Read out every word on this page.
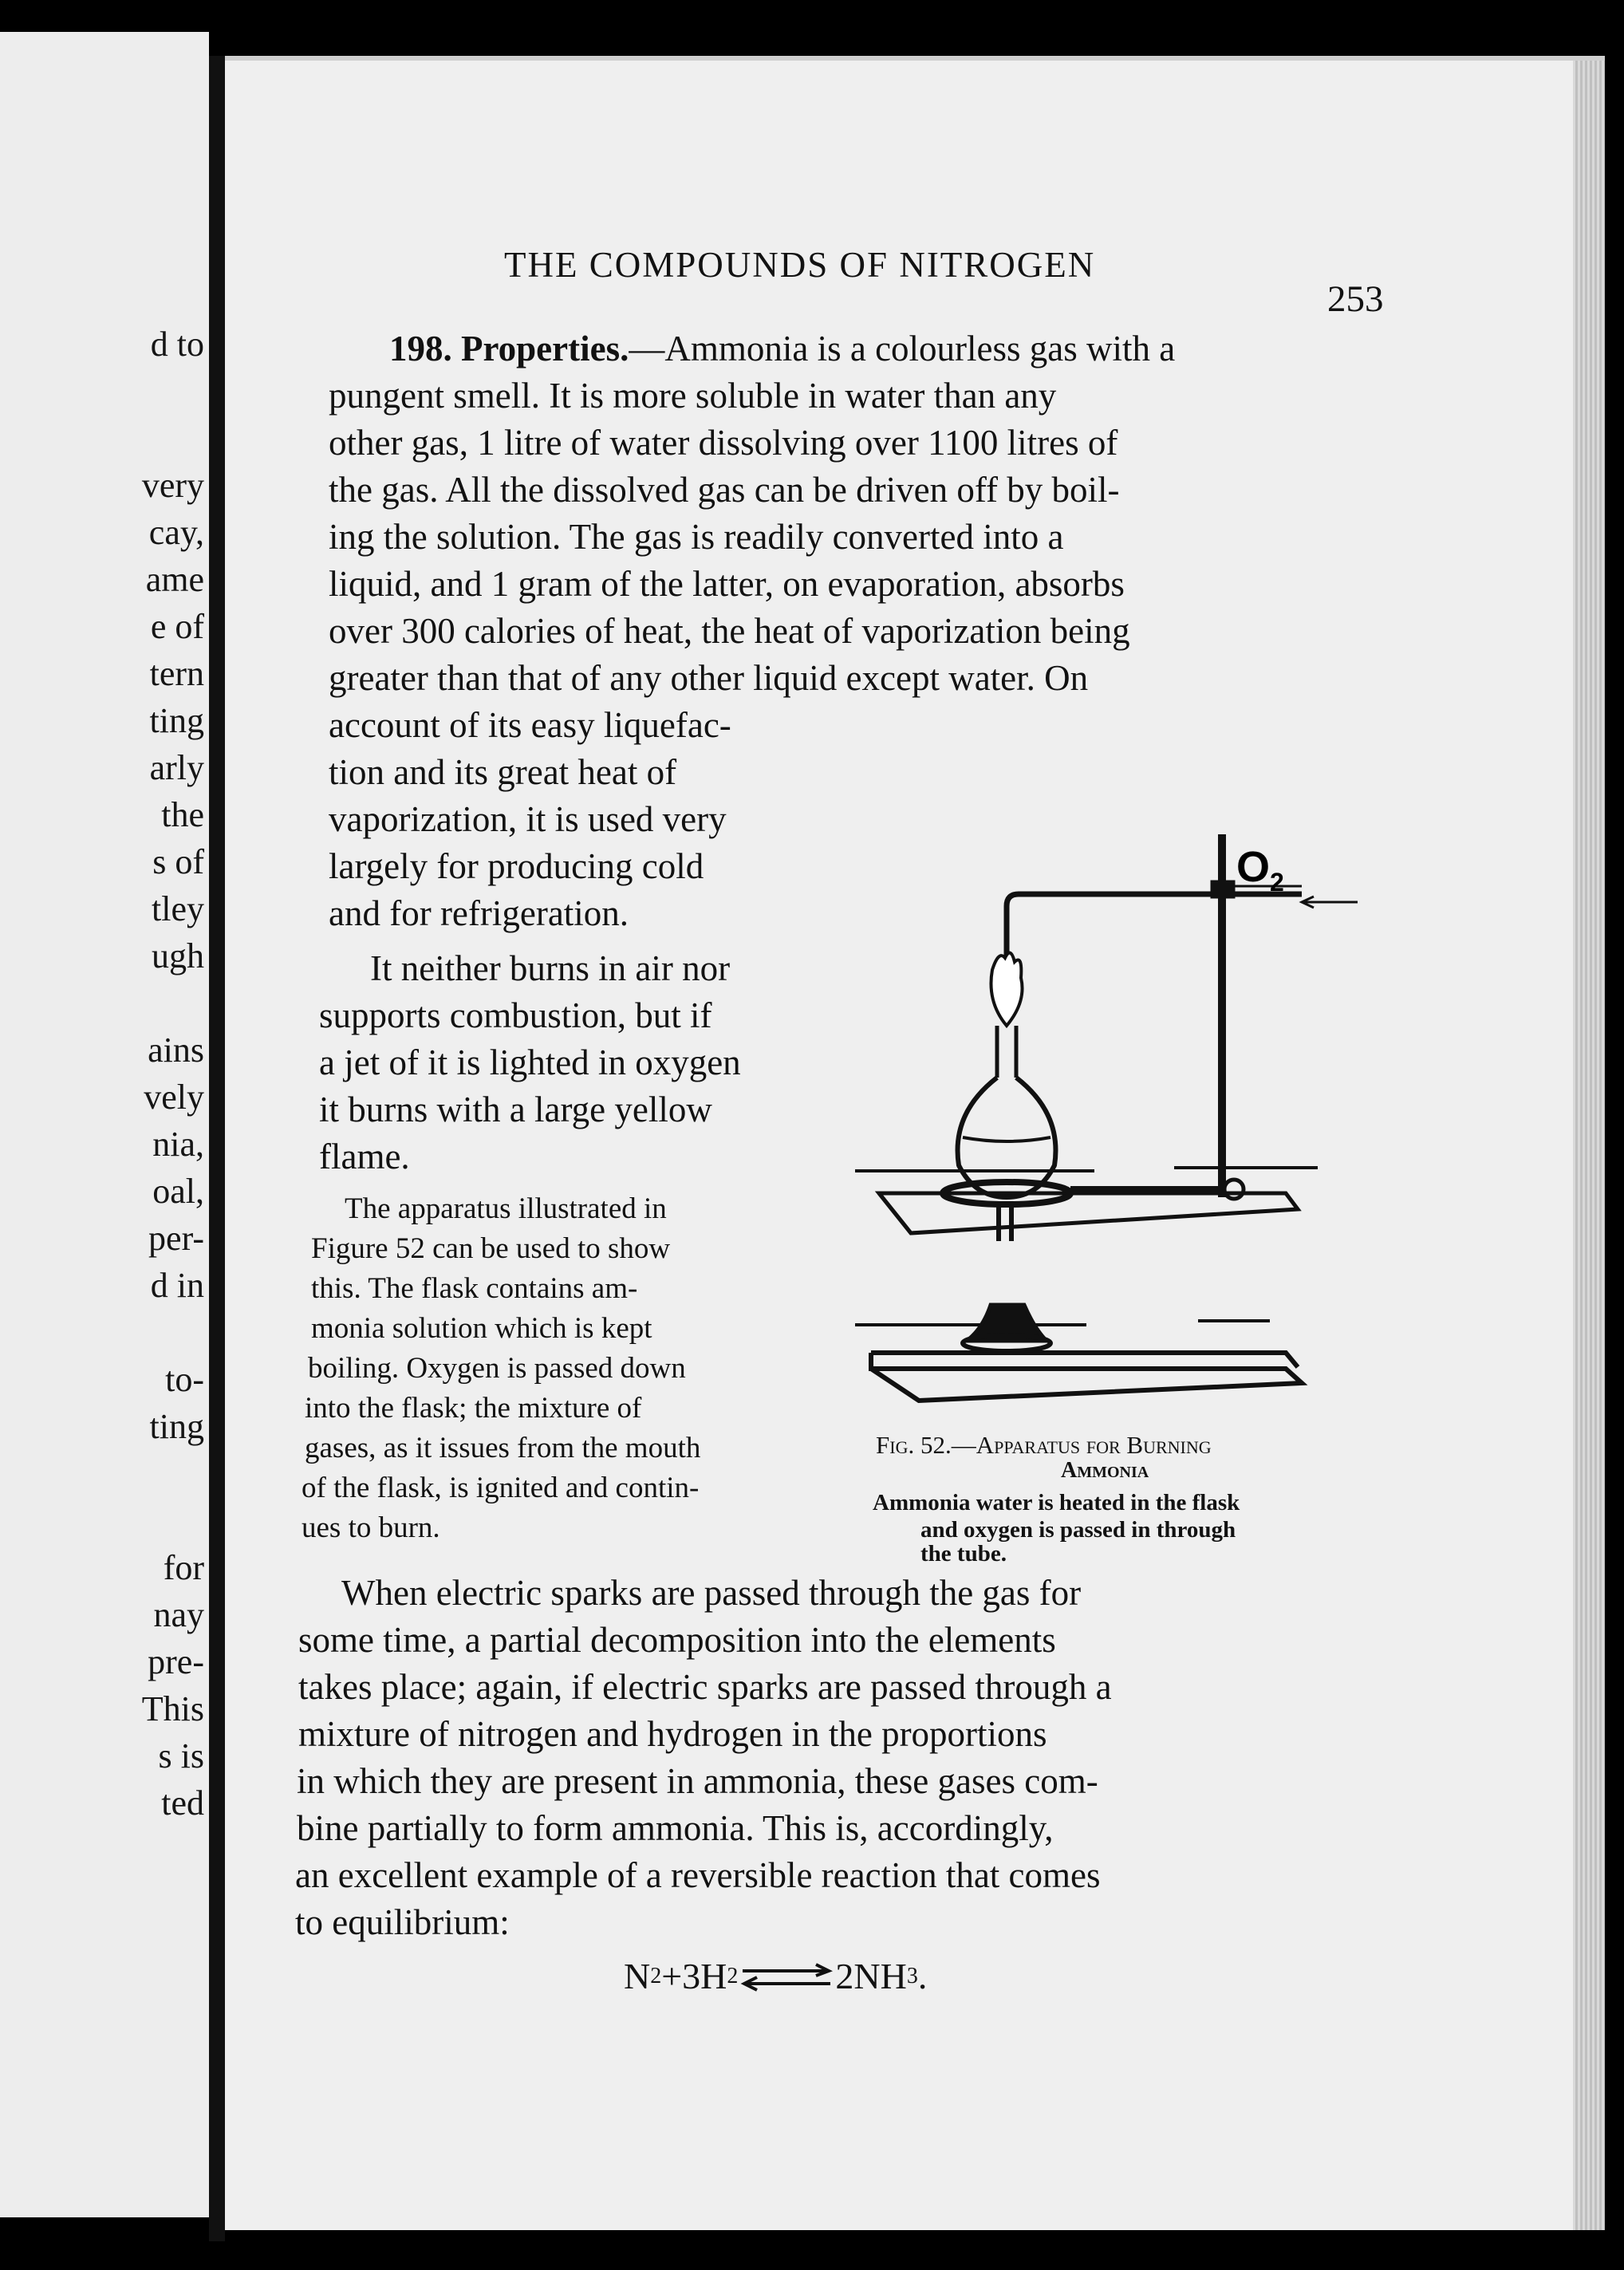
d to
very
cay,
ame
e of
tern
ting
arly
the
s of
tley
ugh
ains
vely
nia,
oal,
per-
d in
to-
ting
for
nay
pre-
This
s is
ted
THE COMPOUNDS OF NITROGEN
253
198. Properties.—Ammonia is a colourless gas with a
pungent smell. It is more soluble in water than any
other gas, 1 litre of water dissolving over 1100 litres of
the gas. All the dissolved gas can be driven off by boil-
ing the solution. The gas is readily converted into a
liquid, and 1 gram of the latter, on evaporation, absorbs
over 300 calories of heat, the heat of vaporization being
greater than that of any other liquid except water. On
account of its easy liquefac-
tion and its great heat of
vaporization, it is used very
largely for producing cold
and for refrigeration.
It neither burns in air nor
supports combustion, but if
a jet of it is lighted in oxygen
it burns with a large yellow
flame.
The apparatus illustrated in
Figure 52 can be used to show
this. The flask contains am-
monia solution which is kept
boiling. Oxygen is passed down
into the flask; the mixture of
gases, as it issues from the mouth
of the flask, is ignited and contin-
ues to burn.
$O_2$
Fig. 52.—Apparatus for Burning
Ammonia
Ammonia water is heated in the flask
and oxygen is passed in through
the tube.
When electric sparks are passed through the gas for
some time, a partial decomposition into the elements
takes place; again, if electric sparks are passed through a
mixture of nitrogen and hydrogen in the proportions
in which they are present in ammonia, these gases com-
bine partially to form ammonia. This is, accordingly,
an excellent example of a reversible reaction that comes
to equilibrium:
N 2 +3H 2 ⇌ 2NH 3 .
